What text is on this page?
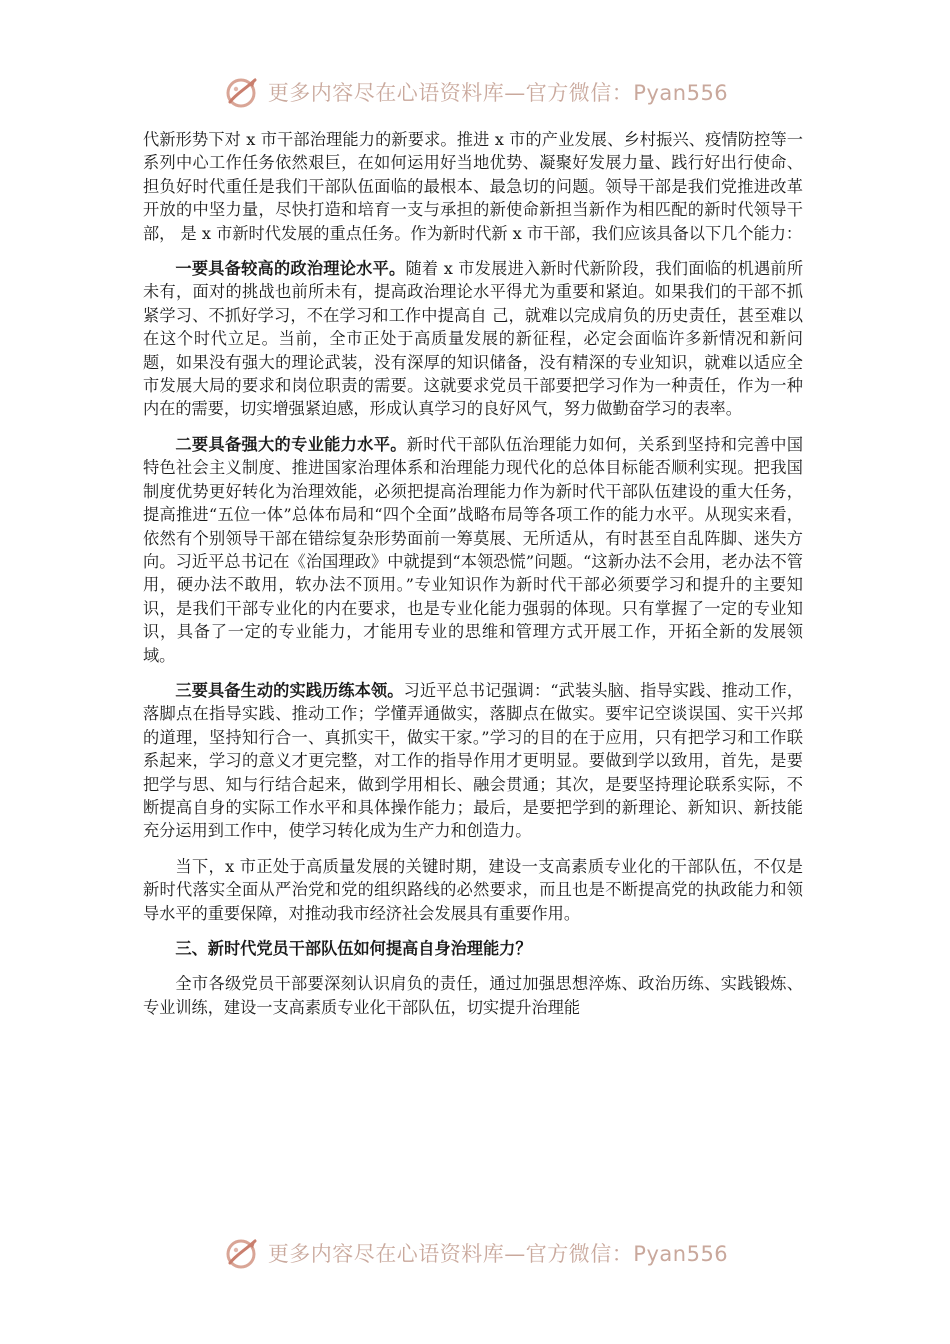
更多内容尽在心语资料库—官方微信：Pyan556

代新形势下对 x 市干部治理能力的新要求。推进 x 市的产业发展、乡村振兴、疫情防控等一系列中心工作任务依然艰巨，在如何运用好当地优势、凝聚好发展力量、践行好出行使命、担负好时代重任是我们干部队伍面临的最根本、最急切的问题。领导干部是我们党推进改革开放的中坚力量，尽快打造和培育一支与承担的新使命新担当新作为相匹配的新时代领导干部， 是 x 市新时代发展的重点任务。作为新时代新 x 市干部，我们应该具备以下几个能力：

一要具备较高的政治理论水平。随着 x 市发展进入新时代新阶段，我们面临的机遇前所未有，面对的挑战也前所未有，提高政治理论水平得尤为重要和紧迫。如果我们的干部不抓紧学习、不抓好学习，不在学习和工作中提高自 己，就难以完成肩负的历史责任，甚至难以在这个时代立足。当前，全市正处于高质量发展的新征程，必定会面临许多新情况和新问题，如果没有强大的理论武装，没有深厚的知识储备，没有精深的专业知识，就难以适应全市发展大局的要求和岗位职责的需要。这就要求党员干部要把学习作为一种责任，作为一种内在的需要，切实增强紧迫感，形成认真学习的良好风气，努力做勤奋学习的表率。

二要具备强大的专业能力水平。新时代干部队伍治理能力如何，关系到坚持和完善中国特色社会主义制度、推进国家治理体系和治理能力现代化的总体目标能否顺利实现。把我国制度优势更好转化为治理效能，必须把提高治理能力作为新时代干部队伍建设的重大任务，提高推进“五位一体”总体布局和“四个全面”战略布局等各项工作的能力水平。从现实来看，依然有个别领导干部在错综复杂形势面前一筹莫展、无所适从，有时甚至自乱阵脚、迷失方向。习近平总书记在《治国理政》中就提到“本领恐慌”问题。“这新办法不会用，老办法不管用，硬办法不敢用，软办法不顶用。”专业知识作为新时代干部必须要学习和提升的主要知识，是我们干部专业化的内在要求，也是专业化能力强弱的体现。只有掌握了一定的专业知识，具备了一定的专业能力，才能用专业的思维和管理方式开展工作，开拓全新的发展领域。

三要具备生动的实践历练本领。习近平总书记强调：“武装头脑、指导实践、推动工作，落脚点在指导实践、推动工作；学懂弄通做实，落脚点在做实。要牢记空谈误国、实干兴邦的道理，坚持知行合一、真抓实干，做实干家。”学习的目的在于应用，只有把学习和工作联系起来，学习的意义才更完整，对工作的指导作用才更明显。要做到学以致用，首先，是要把学与思、知与行结合起来，做到学用相长、融会贯通；其次，是要坚持理论联系实际，不断提高自身的实际工作水平和具体操作能力；最后，是要把学到的新理论、新知识、新技能充分运用到工作中，使学习转化成为生产力和创造力。

当下，x 市正处于高质量发展的关键时期，建设一支高素质专业化的干部队伍，不仅是新时代落实全面从严治党和党的组织路线的必然要求，而且也是不断提高党的执政能力和领导水平的重要保障，对推动我市经济社会发展具有重要作用。

三、新时代党员干部队伍如何提高自身治理能力？

全市各级党员干部要深刻认识肩负的责任，通过加强思想淬炼、政治历练、实践锻炼、专业训练，建设一支高素质专业化干部队伍，切实提升治理能

更多内容尽在心语资料库—官方微信：Pyan556
